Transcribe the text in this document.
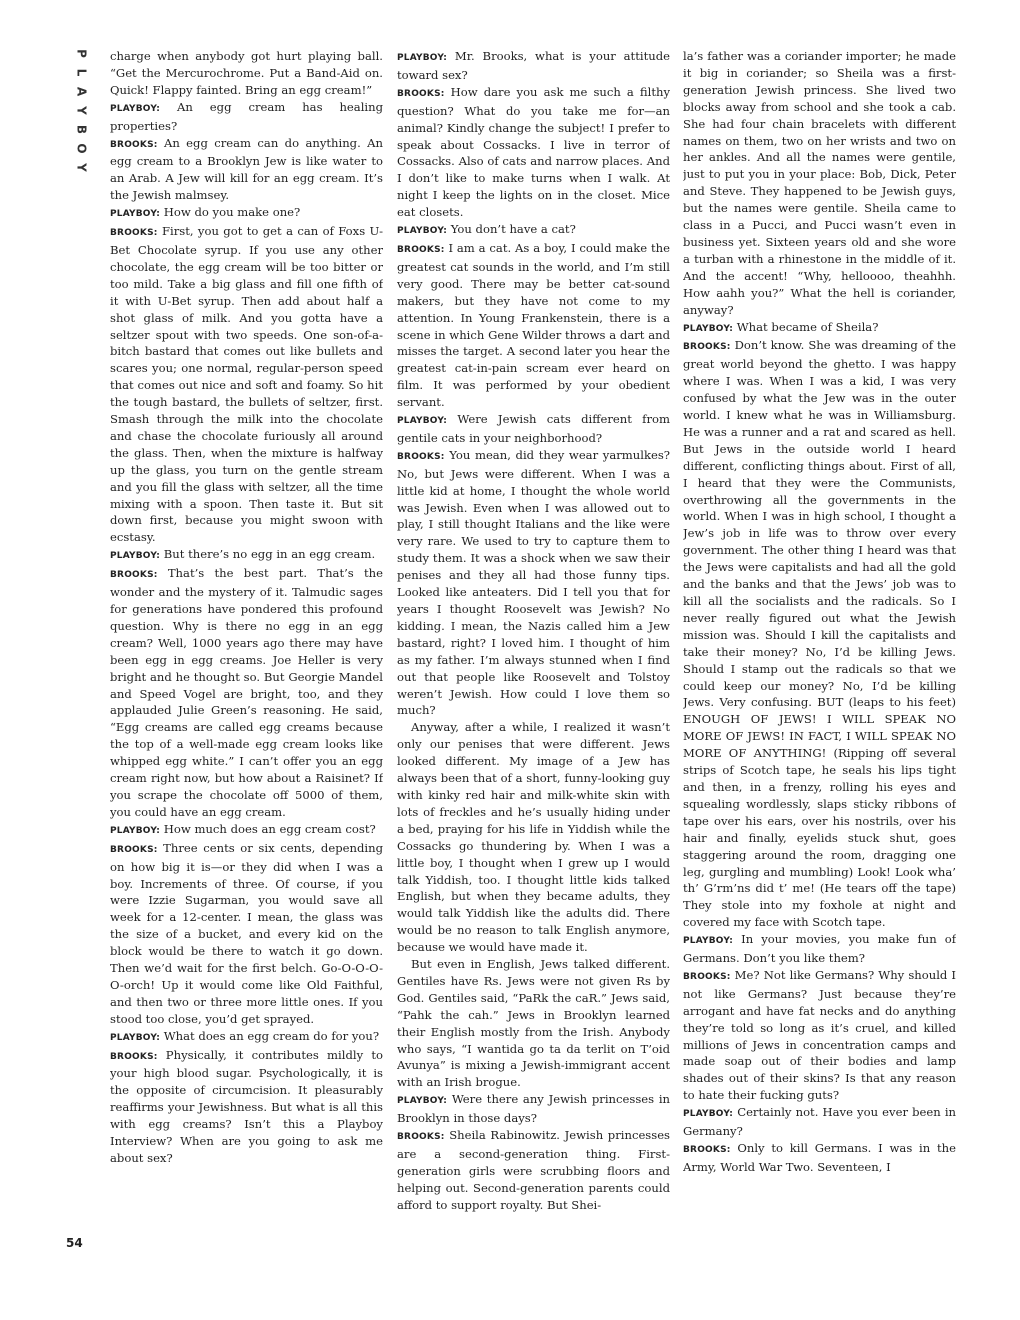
P
L
A
Y
B
O
Y

charge when anybody got hurt playing ball. “Get the Mercurochrome. Put a Band-Aid on. Quick! Flappy fainted. Bring an egg cream!”

PLAYBOY: An egg cream has healing properties?

BROOKS: An egg cream can do anything. An egg cream to a Brooklyn Jew is like water to an Arab. A Jew will kill for an egg cream. It’s the Jewish malmsey.

PLAYBOY: How do you make one?

BROOKS: First, you got to get a can of Foxs U-Bet Chocolate syrup. If you use any other chocolate, the egg cream will be too bitter or too mild. Take a big glass and fill one fifth of it with U-Bet syrup. Then add about half a shot glass of milk. And you gotta have a seltzer spout with two speeds. One son-of-a-bitch bastard that comes out like bullets and scares you; one normal, regular-person speed that comes out nice and soft and foamy. So hit the tough bastard, the bullets of seltzer, first. Smash through the milk into the chocolate and chase the chocolate furiously all around the glass. Then, when the mixture is halfway up the glass, you turn on the gentle stream and you fill the glass with seltzer, all the time mixing with a spoon. Then taste it. But sit down first, because you might swoon with ecstasy.

PLAYBOY: But there’s no egg in an egg cream.

BROOKS: That’s the best part. That’s the wonder and the mystery of it. Talmudic sages for generations have pondered this profound question. Why is there no egg in an egg cream? Well, 1000 years ago there may have been egg in egg creams. Joe Heller is very bright and he thought so. But Georgie Mandel and Speed Vogel are bright, too, and they applauded Julie Green’s reasoning. He said, “Egg creams are called egg creams because the top of a well-made egg cream looks like whipped egg white.” I can’t offer you an egg cream right now, but how about a Raisinet? If you scrape the chocolate off 5000 of them, you could have an egg cream.

PLAYBOY: How much does an egg cream cost?

BROOKS: Three cents or six cents, depending on how big it is—or they did when I was a boy. Increments of three. Of course, if you were Izzie Sugarman, you would save all week for a 12-center. I mean, the glass was the size of a bucket, and every kid on the block would be there to watch it go down. Then we’d wait for the first belch. Go-O-O-O-O-orch! Up it would come like Old Faithful, and then two or three more little ones. If you stood too close, you’d get sprayed.

PLAYBOY: What does an egg cream do for you?

BROOKS: Physically, it contributes mildly to your high blood sugar. Psychologically, it is the opposite of circumcision. It pleasurably reaffirms your Jewishness. But what is all this with egg creams? Isn’t this a Playboy Interview? When are you going to ask me about sex?

PLAYBOY: Mr. Brooks, what is your attitude toward sex?

BROOKS: How dare you ask me such a filthy question? What do you take me for—an animal? Kindly change the subject! I prefer to speak about Cossacks. I live in terror of Cossacks. Also of cats and narrow places. And I don’t like to make turns when I walk. At night I keep the lights on in the closet. Mice eat closets.

PLAYBOY: You don’t have a cat?

BROOKS: I am a cat. As a boy, I could make the greatest cat sounds in the world, and I’m still very good. There may be better cat-sound makers, but they have not come to my attention. In Young Frankenstein, there is a scene in which Gene Wilder throws a dart and misses the target. A second later you hear the greatest cat-in-pain scream ever heard on film. It was performed by your obedient servant.

PLAYBOY: Were Jewish cats different from gentile cats in your neighborhood?

BROOKS: You mean, did they wear yarmulkes? No, but Jews were different. When I was a little kid at home, I thought the whole world was Jewish. Even when I was allowed out to play, I still thought Italians and the like were very rare. We used to try to capture them to study them. It was a shock when we saw their penises and they all had those funny tips. Looked like anteaters. Did I tell you that for years I thought Roosevelt was Jewish? No kidding. I mean, the Nazis called him a Jew bastard, right? I loved him. I thought of him as my father. I’m always stunned when I find out that people like Roosevelt and Tolstoy weren’t Jewish. How could I love them so much?

Anyway, after a while, I realized it wasn’t only our penises that were different. Jews looked different. My image of a Jew has always been that of a short, funny-looking guy with kinky red hair and milk-white skin with lots of freckles and he’s usually hiding under a bed, praying for his life in Yiddish while the Cossacks go thundering by. When I was a little boy, I thought when I grew up I would talk Yiddish, too. I thought little kids talked English, but when they became adults, they would talk Yiddish like the adults did. There would be no reason to talk English anymore, because we would have made it.

But even in English, Jews talked different. Gentiles have Rs. Jews were not given Rs by God. Gentiles said, “PaRk the caR.” Jews said, “Pahk the cah.” Jews in Brooklyn learned their English mostly from the Irish. Anybody who says, “I wantida go ta da terlit on T’oid Avunya” is mixing a Jewish-immigrant accent with an Irish brogue.

PLAYBOY: Were there any Jewish princesses in Brooklyn in those days?

BROOKS: Sheila Rabinowitz. Jewish princesses are a second-generation thing. First-generation girls were scrubbing floors and helping out. Second-generation parents could afford to support royalty. But Shei-

la’s father was a coriander importer; he made it big in coriander; so Sheila was a first-generation Jewish princess. She lived two blocks away from school and she took a cab. She had four chain bracelets with different names on them, two on her wrists and two on her ankles. And all the names were gentile, just to put you in your place: Bob, Dick, Peter and Steve. They happened to be Jewish guys, but the names were gentile. Sheila came to class in a Pucci, and Pucci wasn’t even in business yet. Sixteen years old and she wore a turban with a rhinestone in the middle of it. And the accent! “Why, helloooo, theahhh. How aahh you?” What the hell is coriander, anyway?

PLAYBOY: What became of Sheila?

BROOKS: Don’t know. She was dreaming of the great world beyond the ghetto. I was happy where I was. When I was a kid, I was very confused by what the Jew was in the outer world. I knew what he was in Williamsburg. He was a runner and a rat and scared as hell. But Jews in the outside world I heard different, conflicting things about. First of all, I heard that they were the Communists, overthrowing all the governments in the world. When I was in high school, I thought a Jew’s job in life was to throw over every government. The other thing I heard was that the Jews were capitalists and had all the gold and the banks and that the Jews’ job was to kill all the socialists and the radicals. So I never really figured out what the Jewish mission was. Should I kill the capitalists and take their money? No, I’d be killing Jews. Should I stamp out the radicals so that we could keep our money? No, I’d be killing Jews. Very confusing. BUT (leaps to his feet) ENOUGH OF JEWS! I WILL SPEAK NO MORE OF JEWS! IN FACT, I WILL SPEAK NO MORE OF ANYTHING! (Ripping off several strips of Scotch tape, he seals his lips tight and then, in a frenzy, rolling his eyes and squealing wordlessly, slaps sticky ribbons of tape over his ears, over his nostrils, over his hair and finally, eyelids stuck shut, goes staggering around the room, dragging one leg, gurgling and mumbling) Look! Look wha’ th’ G’rm’ns did t’ me! (He tears off the tape) They stole into my foxhole at night and covered my face with Scotch tape.

PLAYBOY: In your movies, you make fun of Germans. Don’t you like them?

BROOKS: Me? Not like Germans? Why should I not like Germans? Just because they’re arrogant and have fat necks and do anything they’re told so long as it’s cruel, and killed millions of Jews in concentration camps and made soap out of their bodies and lamp shades out of their skins? Is that any reason to hate their fucking guts?

PLAYBOY: Certainly not. Have you ever been in Germany?

BROOKS: Only to kill Germans. I was in the Army, World War Two. Seventeen, I

54
